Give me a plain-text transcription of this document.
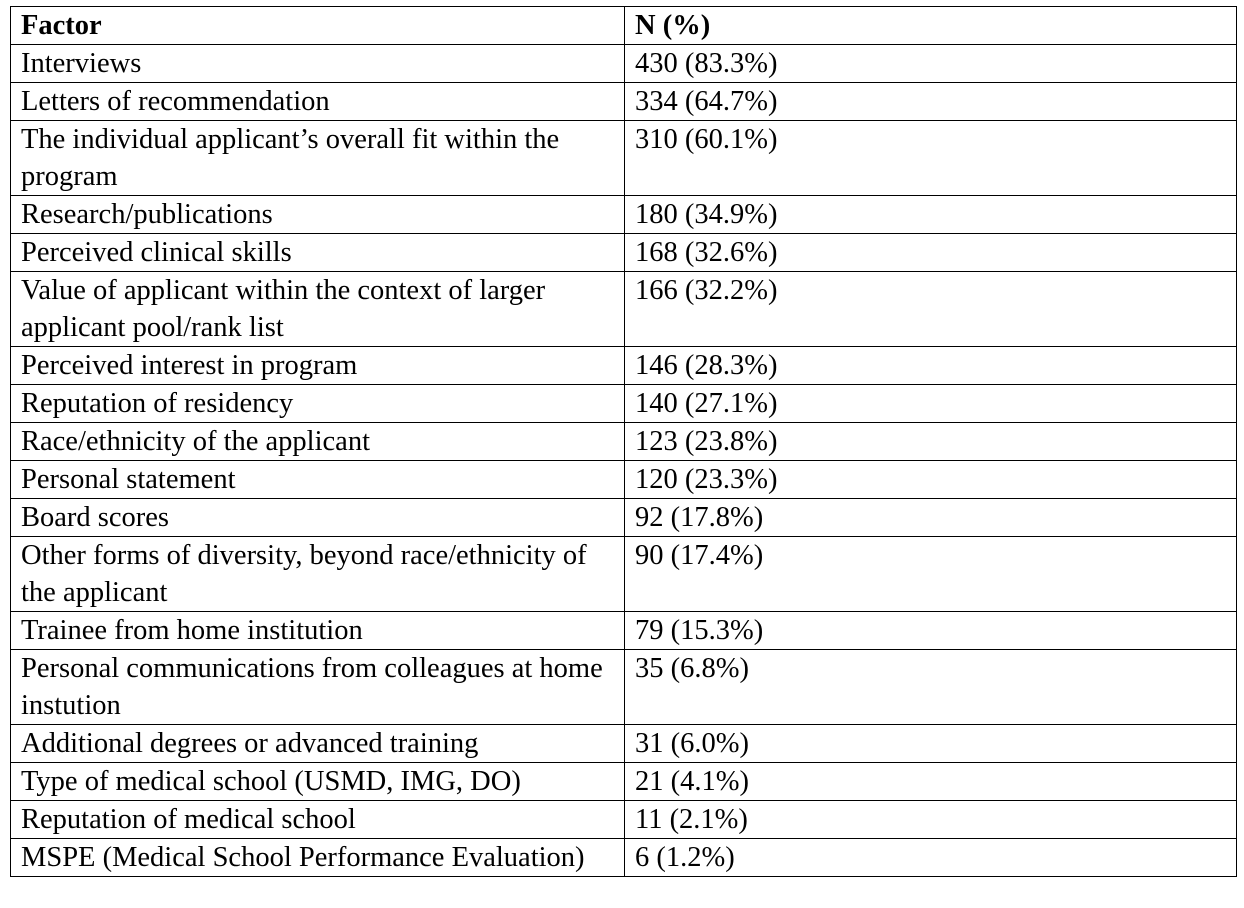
Factor	N (%)
Interviews	430 (83.3%)
Letters of recommendation	334 (64.7%)
The individual applicant’s overall fit within the program	310 (60.1%)
Research/publications	180 (34.9%)
Perceived clinical skills	168 (32.6%)
Value of applicant within the context of larger applicant pool/rank list	166 (32.2%)
Perceived interest in program	146 (28.3%)
Reputation of residency	140 (27.1%)
Race/ethnicity of the applicant	123 (23.8%)
Personal statement	120 (23.3%)
Board scores	92 (17.8%)
Other forms of diversity, beyond race/ethnicity of the applicant	90 (17.4%)
Trainee from home institution	79 (15.3%)
Personal communications from colleagues at home instution	35 (6.8%)
Additional degrees or advanced training	31 (6.0%)
Type of medical school (USMD, IMG, DO)	21 (4.1%)
Reputation of medical school	11 (2.1%)
MSPE (Medical School Performance Evaluation)	6 (1.2%)
